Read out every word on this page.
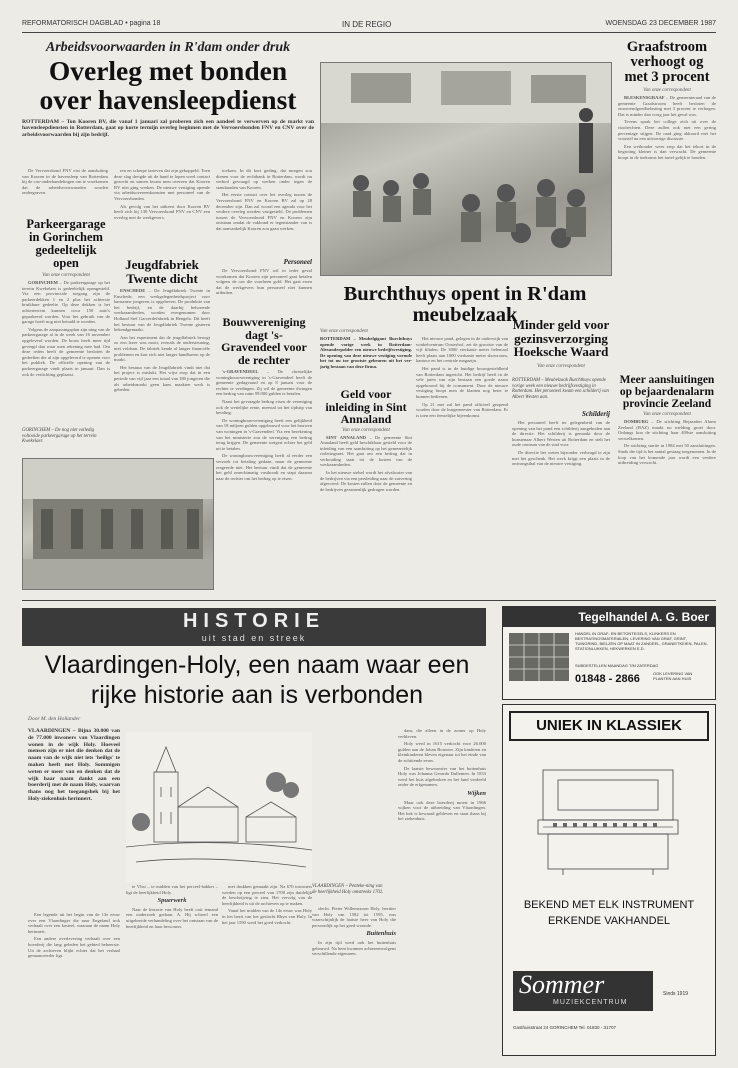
REFORMATORISCH DAGBLAD • pagina 18	IN DE REGIO	WOENSDAG 23 DECEMBER 1987
Arbeidsvoorwaarden in R'dam onder druk
Overleg met bonden over havensleepdienst
ROTTERDAM – Ton Kooren BV, die vanaf 1 januari zal proberen zich een aandeel te verwerven op de markt van havensleepdiensten in Rotterdam, gaat op korte termijn overleg beginnen met de Vervoersbonden FNV en CNV over de arbeidsvoorwaarden bij zijn bedrijf.

ren en scherpe tarieven dat zijn gekoppeld. Toen deze slag dreigde uit de hand te lopen werd contact gezocht en samen kwam men overeen dat Kooren BV niet ging werken. De nieuwe vestiging opende via arbeidsovereenkomsten met personeel van de Vervoersbonden.

Als gevolg van het uitkeert door Kooren BV heeft zich bij 130 Vervoersbond FNV en CNV een overleg met de werkgevers.

toekom. In dit kort geding, dat morgen zou dienen voor de rechtbank in Rotterdam, wordt nu verbod gevraagd op werken onder tegen de standaarden van Kooren.

Het eerste contact over het overleg tussen de Vervoersbond FNV en Kooren BV zal op 28 december zijn. Dan zal vooral een agenda voor het verdere overleg worden vastgesteld. De problemen tussen de Vervoersbond FNV en Kooren zijn ontstaan omdat de vakbond er tegenstander van is dat aanvankelijk Kooren zou gaan werken.

De Vervoersbond FNV eist de aansluiting van Kooren in de havensleep van Rotterdam bij de cao-onderhandelingen om te voorkomen dat de arbeidsvoorwaarden worden ondergraven.

Parkeergarage in Gorinchem gedeeltelijk open
Van onze correspondent

GORINCHEM – De parkeergarage op het terrein Kwekelaer is gedeeltelijk opengesteld. Via een provinciale toegang zijn de parkeerdekken 1 en 2 plus het achterste bruikbare gedeelte. Op deze dekken is het achterterrein kunnen circa 150 auto's geparkeerd worden. Voor het gebruik van de garage hoeft nog niet betaald te worden.

Volgens de aanpassingsplan zijn ning van de parkeergarage al in de week van 16 november opgeleverd worden. De bouw heeft meer tijd gevergd dan waar men rekening mee had. Om deze reden heeft de gemeente besloten de gedeelten die al zijn opgeleverd te openen voor het publiek. De officiële opening van de parkeergarage vindt plaats in januari. Dan is ook de verlichting geplaatst.

GORINCHEM – De nog niet volledig voltooide parkeergarage op het terrein Kwekelaer.
Jeugdfabriek Twente dicht

ENSCHEDE – De Jeugdfabriek Twente in Enschede, een werkgelegenheidsproject voor kansarme jongeren, is opgeheven. De produktie van het bedrijf, en de daarbij behorende werkzaamheden, worden overgenomen door Holland Stef Garverdefabriek in Hengelo. Dit heeft het bestuur van de Jeugdfabriek Twente gisteren bekendgemaakt.

Aan het experiment dat de jeugdfabriek beoogt zo een lezer was nooit, evenals de ondersteuning, niet voldaan. De fabriek kende al langer financiële problemen en kon zich niet langer handhaven op de markt.

Het bestuur van de Jeugdfabriek vindt niet dat het project is mislukt. Het wijst erop dat in een periode van vijf jaar een totaal van 180 jongeren die als arbeidsmarkt geen kans maakten werk is gebeden.

Personeel

De Vervoersbond FNV wil in ieder geval voorkomen dat Kooren zijn personeel gaat betalen volgens de cao die voorheen gold. Het gaat erom dat de werkgevers hun personeel niet kunnen uitbuiten.

Bouwvereniging dagt 's-Gravendeel voor de rechter

's-GRAVENDEEL – De christelijke woningbouwvereniging in 's-Gravendeel heeft de gemeente gedagvaard en op 8 januari voor de rechter te verdingen. Zij wil de gemeente dwingen een bedrag van ruim 99.000 gulden te betalen.

Naast het gevraagde bedrag eisen de vereniging ook de wettelijke rente, meestal tot het tijdstip van betaling.

De woningbouwvereniging heeft een gelijkheid van 18 miljoen gulden opgebouwd voor het bouwen van woningen in 's-Gravendeel. Via een berekening van het ministerie zou de vereniging een bedrag terug krijgen. De gemeente weigert echter het geld uit te betalen.

De woningbouwvereniging heeft al eerder een verzoek tot betaling gedaan, maar de gemeente reageerde niet. Het bestuur vindt dat de gemeente het geld onrechtmatig vasthoudt en stapt daarom naar de rechter om het bedrag op te eisen.

Burchthuys opent in R'dam meubelzaak
Van onze correspondent
ROTTERDAM – Meubelgigant Burchthuys opende vorige week in Rotterdam-Alexanderpolder een nieuwe bedrijfsvestiging. De opening van deze nieuwe vestiging vormde het tot nu toe grootste gebeuren uit het ver-jarig bestaan van deze firma.

Het nieuwe pand, gelegen in de ouderwijk van winkelcentrum Oosterhof, zet de grootste van de vijf filialen. De 3000 vierkante meter helemaal heeft plaats aan 1000 vierkante meter showroom, kantoor en het centrale magazijn.

Het pand is in de huidige bouwgesteldheid van Rotterdam ingericht. Het bedrijf heeft in de vele jaren van zijn bestaan een goede naam opgebouwd bij de consument. Door de nieuwe vestiging hoopt men de klanten nog beter te kunnen bedienen.

Op 21 mei zal het pand officieel geopend worden door de burgemeester van Rotterdam. Er is toen een feestelijke bijeenkomst.

Geld voor inleiding in Sint Annaland
Van onze correspondent

SINT ANNALAND – De gemeente Sint Annaland heeft geld beschikbaar gesteld voor de inleiding van een aansluiting op het gemeentelijk rioleringsnet. Het gaat om een bedrag dat in verhouding staat tot de kosten van de werkzaamheden.

In het nieuwe stelsel wordt het afvalwater van de bedrijven via een persleiding naar de zuivering afgevoerd. De kosten zullen door de gemeente en de bedrijven gezamenlijk gedragen worden.

ROTTERDAM – Meubelzaak Burchthuys opende vorige week een nieuwe bedrijfsvestiging in Rotterdam. Het personeel kwam een schilderij van Albert Westen aan.
Schilderij

Het personeel heeft ter gelegenheid van de opening van het pand een schilderij aangeboden aan de directie. Het schilderij is gemaakt door de kunstenaar Albert Westen uit Rotterdam en stelt het oude centrum van de stad voor.

De directie liet weten bijzonder verheugd te zijn met het geschenk. Het werk krijgt een plaats in de ontvangsthal van de nieuwe vestiging.

Graafstroom verhoogt og met 3 procent
Van onze correspondent

BLESKENSGRAAF – De gemeenteraad van de gemeente Graafstroom heeft besloten de onroerendgoedbelasting met 3 procent te verhogen. Dat is minder dan vorig jaar het geval was.

Tevens sprak het college zich uit over de rioolrechten. Deze zullen ook met een gering percentage stijgen. De raad ging akkoord met het voorstel na een uitvoerige discussie.

Een wethouder wees erop dat het tekort in de begroting kleiner is dan verwacht. De gemeente hoopt in de toekomst het tarief gelijk te houden.

Meer aansluitingen op bejaardenalarm provincie Zeeland
Van onze correspondent

DOMBURG – De stichting Bejaarden Alarm Zeeland (BAZ) maakt nu melding groei door. Onlangs kon de stichting haar 400ste aansluiting verwelkomen.

De stichting startte in 1984 met 50 aansluitingen. Sinds die tijd is het aantal gestaag toegenomen. In de loop van het komende jaar wordt een verdere uitbreiding verwacht.

Minder geld voor gezinsverzorging Hoeksche Waard
Van onze correspondent
HISTORIE
uit stad en streek
Vlaardingen-Holy, een naam waar een rijke historie aan is verbonden
Door M. den Hollander
VLAARDINGEN – Bijna 30.000 van de 77.000 inwoners van Vlaardingen wonen in de wijk Holy. Hoeveel mensen zijn er niet die denken dat de naam van de wijk niet iets 'heiligs' te maken heeft met Holy. Sommigen weten er meer van en denken dat de wijk haar naam dankt aan een boerderij met de naam Holy, waarvan thans nog het toegangshek bij het Holy-ziekenhuis herinnert.

Een legende uit het begin van de 13e eeuw over een Vlaardinger die naar Engeland trok verhaalt over een kasteel, waaraan de naam Holy herinnert.

Een andere overlevering verhaalt over een boerderij die lang geleden het gebied beheerste. Uit de archieven blijkt echter dat het verhaal genuanceerder ligt.

VLAARDINGEN – Penteke-ning van de heerlijkheid Holy omstreeks 1702.

te Vlist – te midden van het perceel-bakker – ligt de heerlijkheid Holy.

Spuerwerk

Naar de historie van Holy heeft ooit iemand een onderzoek gedaan. A. Hij schreef een uitgebreide verhandeling over het ontstaan van de heerlijkheid en haar bewoners.

met drukken gemaakt zijn. Na 670 inwoners werden op een perceel van 1700 zijn duidelijk de beschrijving te zien. Het vervolg van de heerlijkheid is uit de archieven op te maken.

Vanaf het midden van de 14e eeuw was Holy in het bezit van het geslacht Rhyn van Holy. In het jaar 1590 werd het goed verkocht.

slecht. Pieter Willemszoon Holy, bezitter van Holy van 1582 tot 1595, was waarschijnlijk de laatste heer van Holy die persoonlijk op het goed woonde.

Buitenhuis

In zijn tijd werd ook het buitenhuis gebouwd. Na hem kwamen achtereenvolgens verschillende eigenaren.

dam, die alleen in de zomer op Holy verbleven.

Holy werd in 1615 verkocht voor 26.000 gulden aan de Johan Bouwier. Zijn kinderen en kleinkinderen bleven eigenaar tot het einde van de achttiende eeuw.

De laatste bewoonster van het buitenhuis Holy was Johanna Gerarda Dullemen. In 1833 werd het huis afgebroken en het land verdeeld onder de erfgenamen.

Wijken

Maar ook deze boerderij moest in 1966 wijken voor de uitbreiding van Vlaardingen. Het hek is bewaard gebleven en staat thans bij het ziekenhuis.

Tegelhandel A. G. Boer
HANDEL IN GRAF- EN BETONTEGELS, KLINKERS EN BESTRATINGSMATERIALEN, LEVERING VAN GRAF, GRINT, TUINGRIND, BIELZEN OP MAAT IN ZANDEEL, GRANIETKEIEN, PALEN, STATIONLUKKEN, HEKWERKEN E.D.
SUBDESTELLEN MAANDAG T/M ZATERDAG
01848 - 2866	OOK LEVERING VAN PLANTEN AAN HUIS
UNIEK IN KLASSIEK
BEKEND MET ELK INSTRUMENT
ERKENDE VAKHANDEL
Sommer
MUZIEKCENTRUM
Sinds 1919
Gasthuisstraat 24 GORINCHEM Tel. 01830 - 31707
